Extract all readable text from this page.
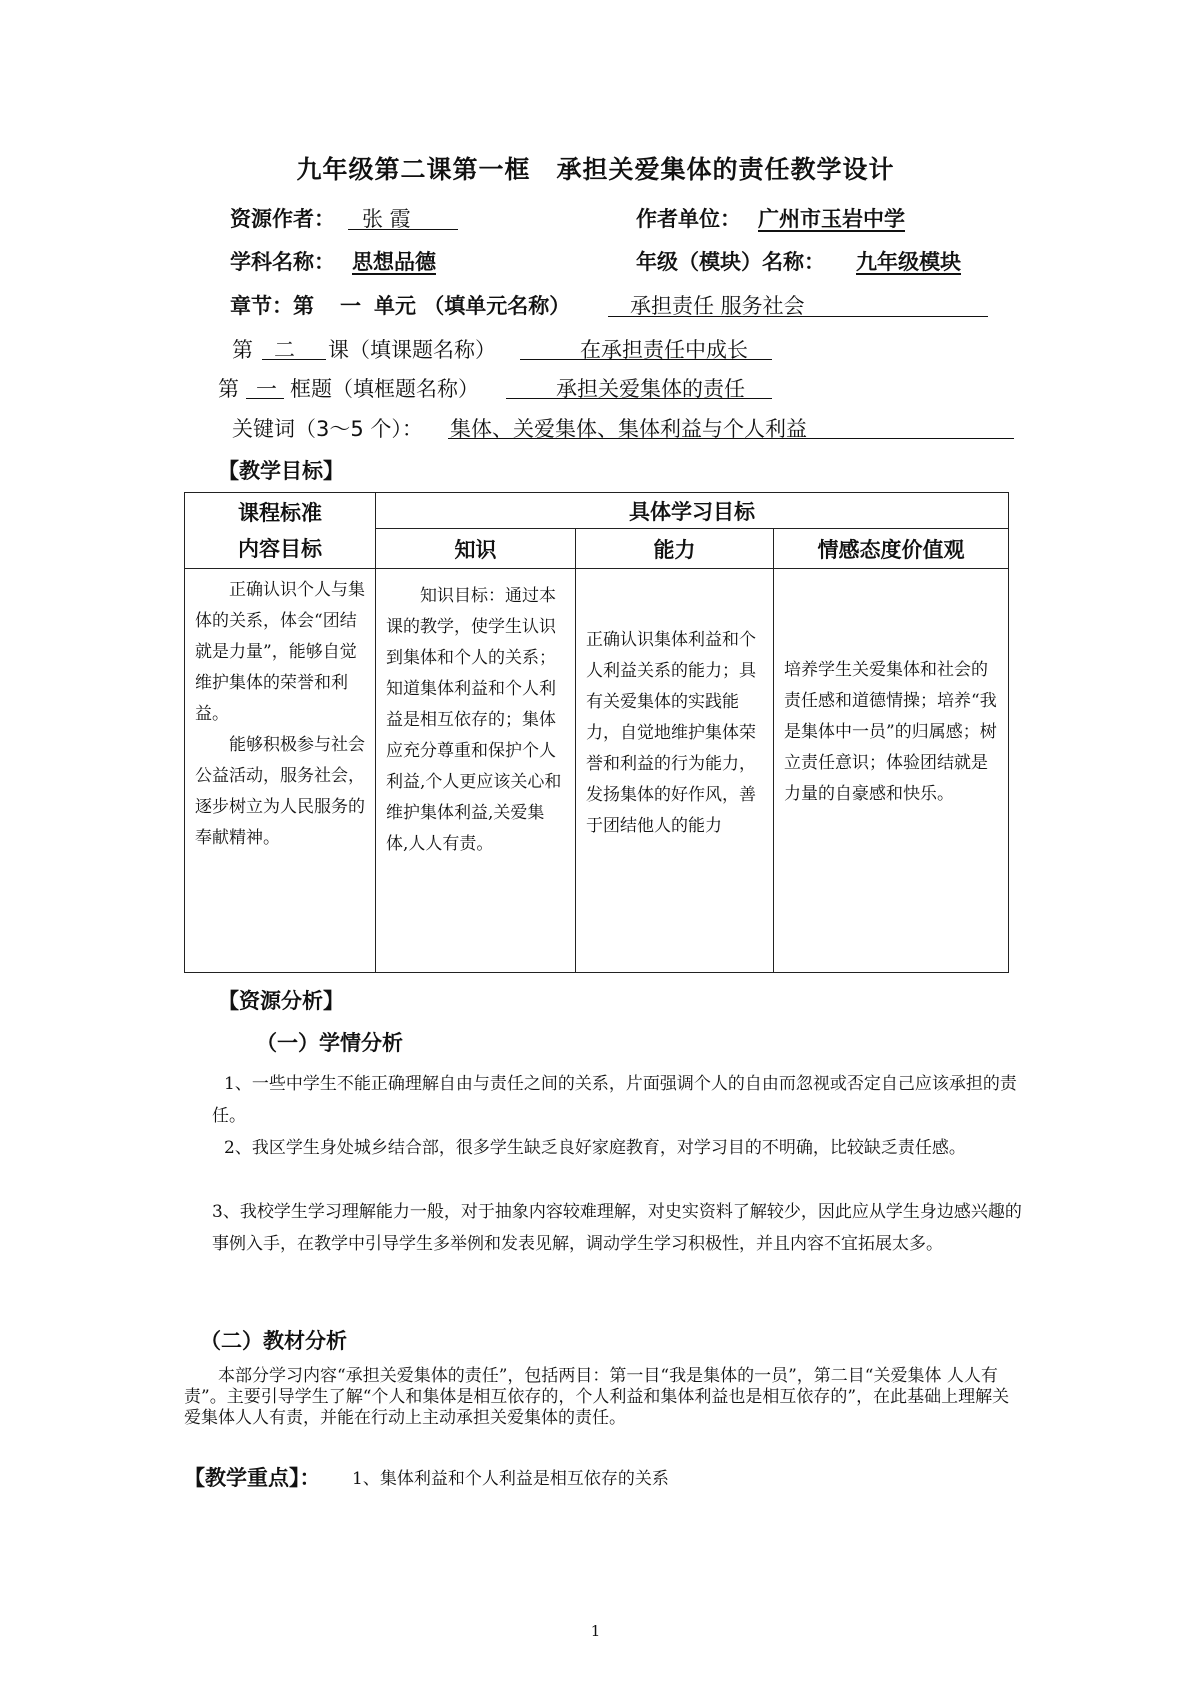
九年级第二课第一框　承担关爱集体的责任教学设计
资源作者： 张 霞	作者单位： 广州市玉岩中学
学科名称： 思想品德	年级（模块）名称： 九年级模块
章节：第 一 单元 （填单元名称）	承担责任 服务社会
第 二 课（填课题名称）	在承担责任中成长
第 一 框题（填框题名称）	承担关爱集体的责任
关键词（3～5 个）： 集体、关爱集体、集体利益与个人利益
【教学目标】
课程标准
内容目标	具体学习目标		
	知识	能力	情感态度价值观

正确认识个人与集体的关系，体会“团结就是力量”，能够自觉维护集体的荣誉和利益。
能够积极参与社会公益活动，服务社会，逐步树立为人民服务的奉献精神。	知识目标：通过本课的教学，使学生认识到集体和个人的关系；知道集体利益和个人利益是相互依存的；集体应充分尊重和保护个人利益,个人更应该关心和维护集体利益,关爱集体,人人有责。	正确认识集体利益和个人利益关系的能力；具有关爱集体的实践能力，自觉地维护集体荣誉和利益的行为能力，发扬集体的好作风，善于团结他人的能力	培养学生关爱集体和社会的责任感和道德情操；培养“我是集体中一员”的归属感；树立责任意识；体验团结就是力量的自豪感和快乐。
【资源分析】
（一）学情分析
1、一些中学生不能正确理解自由与责任之间的关系，片面强调个人的自由而忽视或否定自己应该承担的责任。
2、我区学生身处城乡结合部，很多学生缺乏良好家庭教育，对学习目的不明确，比较缺乏责任感。
3、我校学生学习理解能力一般，对于抽象内容较难理解，对史实资料了解较少，因此应从学生身边感兴趣的事例入手，在教学中引导学生多举例和发表见解，调动学生学习积极性，并且内容不宜拓展太多。
（二）教材分析
本部分学习内容“承担关爱集体的责任”，包括两目：第一目“我是集体的一员”，第二目“关爱集体 人人有责”。主要引导学生了解“个人和集体是相互依存的，个人利益和集体利益也是相互依存的”，在此基础上理解关爱集体人人有责，并能在行动上主动承担关爱集体的责任。
【教学重点】： 1、集体利益和个人利益是相互依存的关系
1
